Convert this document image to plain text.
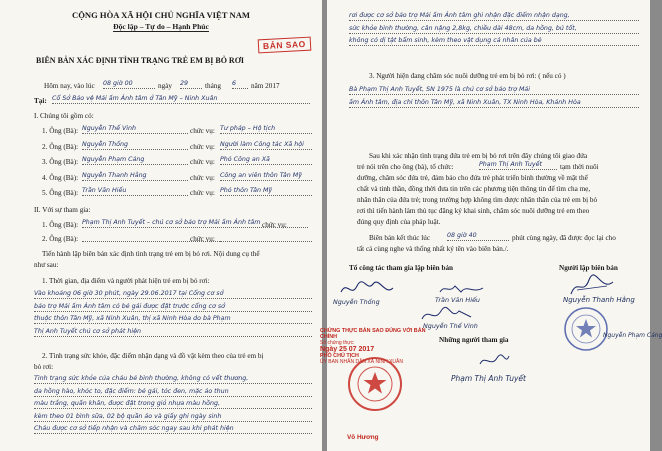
CỘNG HÒA XÃ HỘI CHỦ NGHĨA VIỆT NAM
Độc lập – Tự do – Hạnh Phúc
BẢN SAO
BIÊN BẢN XÁC ĐỊNH TÌNH TRẠNG TRẺ EM BỊ BỎ RƠI
Hôm nay, vào lúc 08 giờ 00	ngày 29	tháng 6	năm 2017
Tại: Cổ Sở Bảo vệ Mái ấm Ánh tâm ở Tân Mỹ – Ninh Xuân
I. Chúng tôi gồm có:
1. Ông (Bà): Nguyễn Thế Vinh	chức vụ: Tư pháp – Hộ tịch
2. Ông (Bà): Nguyễn Thống	chức vụ: Người làm Công tác Xã hội
3. Ông (Bà): Nguyễn Phạm Cảng	chức vụ: Phó Công an Xã
4. Ông (Bà): Nguyễn Thanh Hằng	chức vụ: Công an viên thôn Tân Mỹ
5. Ông (Bà): Trần Văn Hiếu	chức vụ: Phó thôn Tân Mỹ
II. Với sự tham gia:
1. Ông (Bà): Phạm Thị Anh Tuyết – chủ cơ sở bảo trợ Mái ấm Ánh tâm chức vụ:
2. Ông (Bà):	chức vụ:
Tiến hành lập biên bản xác định tình trạng trẻ em bị bỏ rơi. Nội dung cụ thể
như sau:
1. Thời gian, địa điểm và người phát hiện trẻ em bị bỏ rơi:
Vào khoảng 06 giờ 30 phút, ngày 29.06.2017 tại Cổng cơ sở
bảo trợ Mái ấm Ánh tâm có bé gái được đặt trước cổng cơ sở
thuộc thôn Tân Mỹ, xã Ninh Xuân, thị xã Ninh Hòa do bà Phạm
Thị Anh Tuyết chủ cơ sở phát hiện
2. Tình trạng sức khỏe, đặc điểm nhận dạng và đồ vật kèm theo của trẻ em bị
bỏ rơi:
Tình trạng sức khỏe của cháu bé bình thường, không có vết thương,
da hồng hào, khóc to, đặc điểm: bé gái, tóc đen, mặc áo thun
màu trắng, quấn khăn, được đặt trong giỏ nhựa màu hồng,
kèm theo 01 bình sữa, 02 bộ quần áo và giấy ghi ngày sinh
Cháu được cơ sở tiếp nhận và chăm sóc ngay sau khi phát hiện
rơi được cơ sở bảo trợ Mái ấm Ánh tâm ghi nhận đặc điểm nhận dạng,
sức khỏe bình thường, cân nặng 2,8kg, chiều dài 48cm, da hồng, bú tốt,
không có dị tật bẩm sinh, kèm theo vật dụng cá nhân của bé
3. Người hiện đang chăm sóc nuôi dưỡng trẻ em bị bỏ rơi: ( nếu có )
Bà Phạm Thị Anh Tuyết, SN 1975 là chủ cơ sở bảo trợ Mái
ấm Ánh tâm, địa chỉ thôn Tân Mỹ, xã Ninh Xuân, TX Ninh Hòa, Khánh Hòa
Sau khi xác nhận tình trạng đứa trẻ em bị bỏ rơi trên đây chúng tôi giao đứa
trẻ nói trên cho ông (bà), tổ chức:	Phạm Thị Anh Tuyết	tạm thời nuôi
dưỡng, chăm sóc đứa trẻ, đảm bảo cho đứa trẻ phát triển bình thường về mặt thể
chất và tinh thần, đồng thời đưa tin trên các phương tiện thông tin để tìm cha mẹ,
nhân thân của đứa trẻ; trong trường hợp không tìm được nhân thân của trẻ em bị bỏ
rơi thì tiến hành làm thủ tục đăng ký khai sinh, chăm sóc nuôi dưỡng trẻ em theo
đúng quy định của pháp luật.
Biên bản kết thúc lúc	08 giờ 40	phút cùng ngày, đã được đọc lại cho
tất cả cùng nghe và thống nhất ký tên vào biên bản./.
Tổ công tác tham gia lập biên bản	Người lập biên bản
Nguyễn Thống	Trần Văn Hiếu
Nguyễn Thế Vinh
Nguyễn Thanh Hằng
Nguyễn Phạm Cảng
Những người tham gia
Phạm Thị Anh Tuyết
Võ Hương
CHỨNG THỰC BẢN SAO ĐÚNG VỚI BẢN CHÍNH
Số chứng thực:
Ngày 25 07 2017
PHÓ CHỦ TỊCH
ỦY BAN NHÂN DÂN XÃ NINH XUÂN
